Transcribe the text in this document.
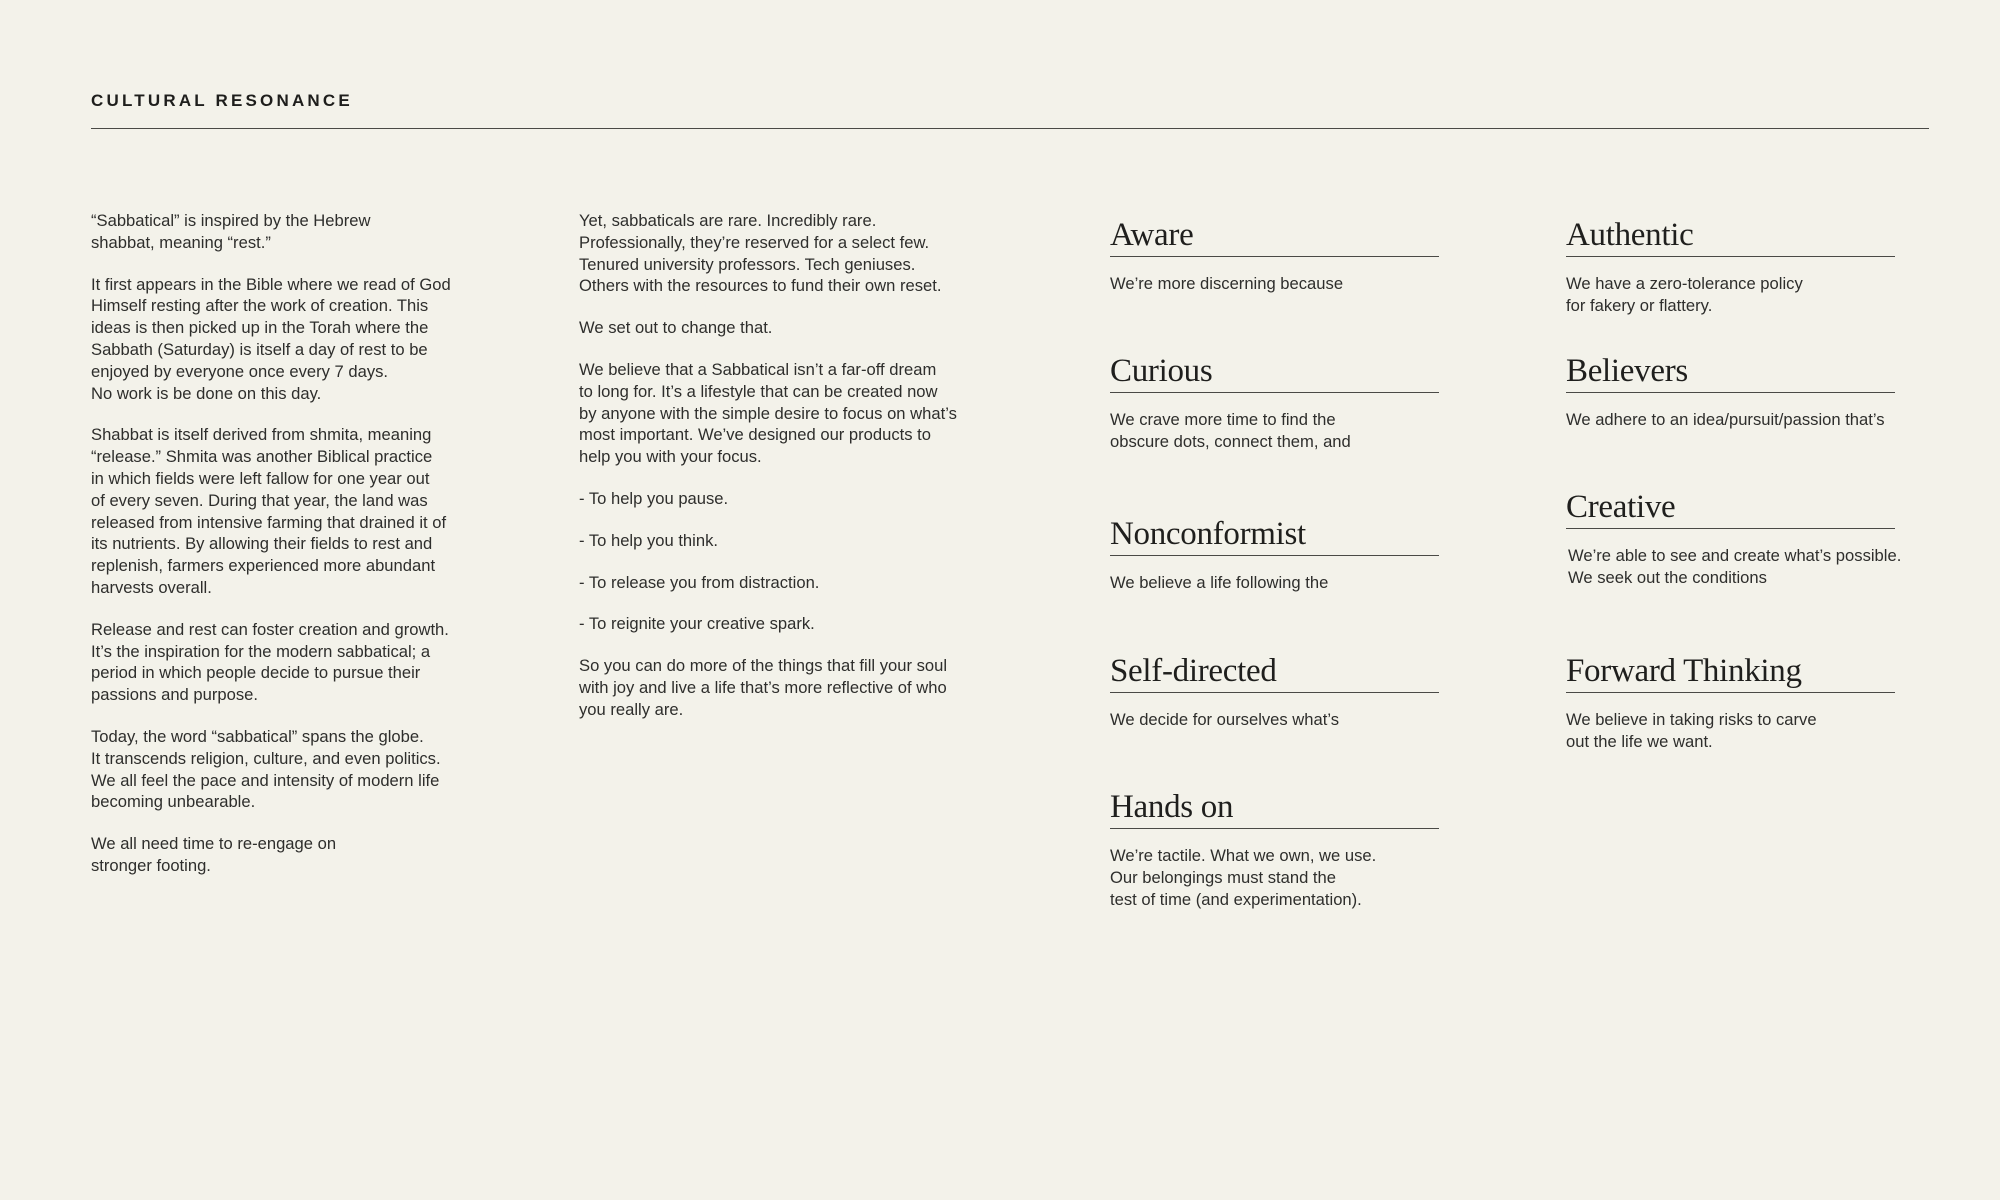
CULTURAL RESONANCE

“Sabbatical” is inspired by the Hebrew
shabbat, meaning “rest.”

It first appears in the Bible where we read of God
Himself resting after the work of creation. This
ideas is then picked up in the Torah where the
Sabbath (Saturday) is itself a day of rest to be
enjoyed by everyone once every 7 days.
No work is be done on this day.

Shabbat is itself derived from shmita, meaning
“release.” Shmita was another Biblical practice
in which fields were left fallow for one year out
of every seven. During that year, the land was
released from intensive farming that drained it of
its nutrients. By allowing their fields to rest and
replenish, farmers experienced more abundant
harvests overall.

Release and rest can foster creation and growth.
It’s the inspiration for the modern sabbatical; a
period in which people decide to pursue their
passions and purpose.

Today, the word “sabbatical” spans the globe.
It transcends religion, culture, and even politics.
We all feel the pace and intensity of modern life
becoming unbearable.

We all need time to re-engage on
stronger footing.

Yet, sabbaticals are rare. Incredibly rare.
Professionally, they’re reserved for a select few.
Tenured university professors. Tech geniuses.
Others with the resources to fund their own reset.

We set out to change that.

We believe that a Sabbatical isn’t a far-off dream
to long for. It’s a lifestyle that can be created now
by anyone with the simple desire to focus on what’s
most important. We’ve designed our products to
help you with your focus.

- To help you pause.

- To help you think.

- To release you from distraction.

- To reignite your creative spark.

So you can do more of the things that fill your soul
with joy and live a life that’s more reflective of who
you really are.

Aware

We’re more discerning because

Curious

We crave more time to find the
obscure dots, connect them, and

Nonconformist

We believe a life following the

Self-directed

We decide for ourselves what’s

Hands on

We’re tactile. What we own, we use.
Our belongings must stand the
test of time (and experimentation).

Authentic

We have a zero-tolerance policy
for fakery or flattery.

Believers

We adhere to an idea/pursuit/passion that’s

Creative

We’re able to see and create what’s possible.
We seek out the conditions

Forward Thinking

We believe in taking risks to carve
out the life we want.
